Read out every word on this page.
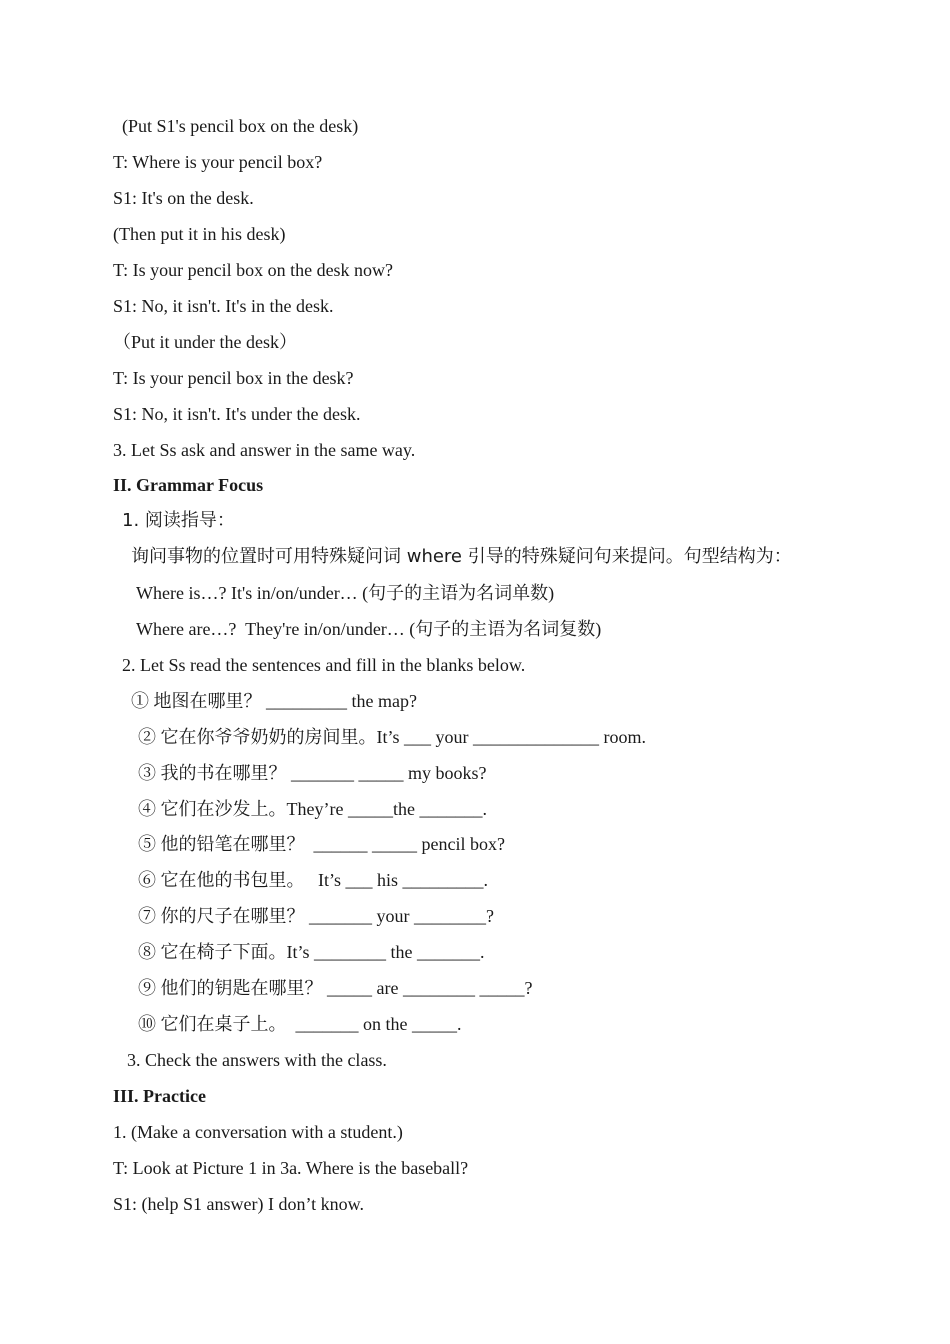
(Put S1's pencil box on the desk)
T: Where is your pencil box?
S1: It's on the desk.
(Then put it in his desk)
T: Is your pencil box on the desk now?
S1: No, it isn't. It's in the desk.
（Put it under the desk）
T: Is your pencil box in the desk?
S1: No, it isn't. It's under the desk.
3. Let Ss ask and answer in the same way.
II. Grammar Focus
1. 阅读指导：
询问事物的位置时可用特殊疑问词 where 引导的特殊疑问句来提问。句型结构为：
Where is…? It's in/on/under… (句子的主语为名词单数)
Where are…?  They're in/on/under… (句子的主语为名词复数)
2. Let Ss read the sentences and fill in the blanks below.
① 地图在哪里？ _________ the map?
② 它在你爷爷奶奶的房间里。It’s ___ your ______________ room.
③ 我的书在哪里？ _______ _____ my books?
④ 它们在沙发上。They’re _____the _______.
⑤ 他的铅笔在哪里？  ______ _____ pencil box?
⑥ 它在他的书包里。   It’s ___ his _________.
⑦ 你的尺子在哪里？ _______ your ________?
⑧ 它在椅子下面。It’s ________ the _______.
⑨ 他们的钥匙在哪里？ _____ are ________ _____?
⑩ 它们在桌子上。  _______ on the _____.
3. Check the answers with the class.
III. Practice
1. (Make a conversation with a student.)
T: Look at Picture 1 in 3a. Where is the baseball?
S1: (help S1 answer) I don’t know.
